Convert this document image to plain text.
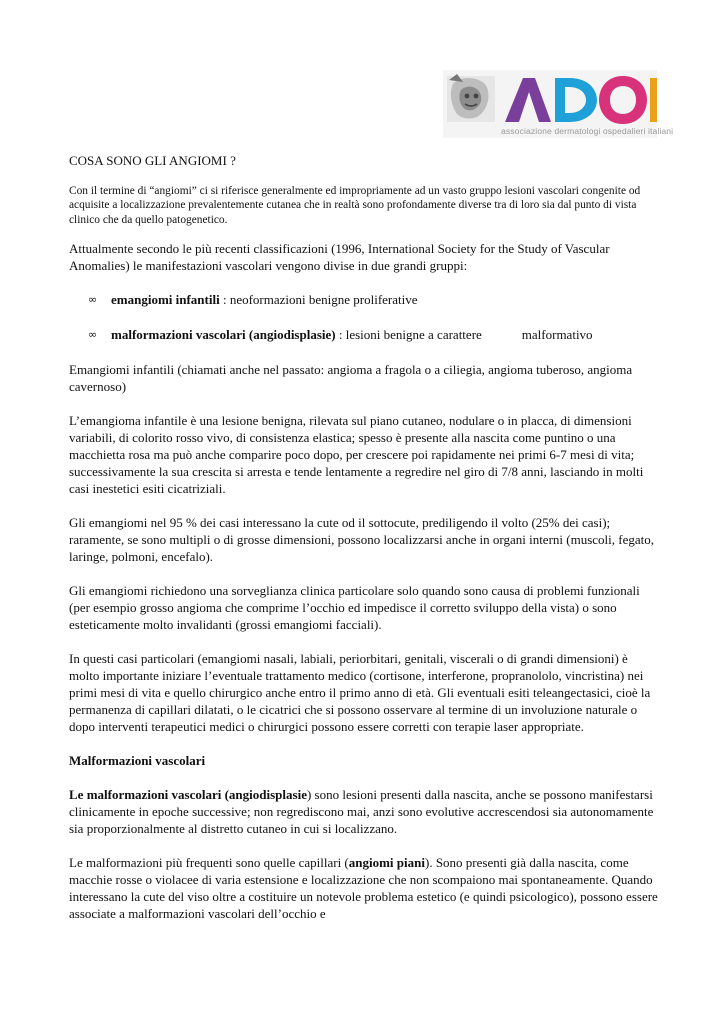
associazione dermatologi ospedalieri italiani

COSA SONO GLI ANGIOMI ?

Con il termine di “angiomi” ci si riferisce generalmente ed impropriamente ad un vasto gruppo lesioni vascolari congenite od acquisite a localizzazione prevalentemente cutanea che in realtà sono profondamente diverse tra di loro sia dal punto di vista clinico che da quello patogenetico.

Attualmente secondo le più recenti classificazioni (1996, International Society for the Study of Vascular Anomalies) le manifestazioni vascolari vengono divise in due grandi gruppi:

∞ emangiomi infantili : neoformazioni benigne proliferative
∞ malformazioni vascolari (angiodisplasie) : lesioni benigne a carattere	malformativo

Emangiomi infantili (chiamati anche nel passato: angioma a fragola o a ciliegia, angioma tuberoso, angioma cavernoso)

L’emangioma infantile è una lesione benigna, rilevata sul piano cutaneo, nodulare o in placca, di dimensioni variabili, di colorito rosso vivo, di consistenza elastica; spesso è presente alla nascita come puntino o una macchietta rosa ma può anche comparire poco dopo, per crescere poi rapidamente nei primi 6-7 mesi di vita; successivamente la sua crescita si arresta e tende lentamente a regredire nel giro di 7/8 anni, lasciando in molti casi inestetici esiti cicatriziali.

Gli emangiomi nel 95 % dei casi interessano la cute od il sottocute, prediligendo il volto (25% dei casi); raramente, se sono multipli o di grosse dimensioni, possono localizzarsi anche in organi interni (muscoli, fegato, laringe, polmoni, encefalo).

Gli emangiomi richiedono una sorveglianza clinica particolare solo quando sono causa di problemi funzionali (per esempio grosso angioma che comprime l’occhio ed impedisce il corretto sviluppo della vista) o sono esteticamente molto invalidanti (grossi emangiomi facciali).

In questi casi particolari (emangiomi nasali, labiali, periorbitari, genitali, viscerali o di grandi dimensioni) è molto importante iniziare l’eventuale trattamento medico (cortisone, interferone, propranololo, vincristina) nei primi mesi di vita e quello chirurgico anche entro il primo anno di età. Gli eventuali esiti teleangectasici, cioè la permanenza di capillari dilatati, o le cicatrici che si possono osservare al termine di un involuzione naturale o dopo interventi terapeutici medici o chirurgici possono essere corretti con terapie laser appropriate.

Malformazioni vascolari

Le malformazioni vascolari (angiodisplasie) sono lesioni presenti dalla nascita, anche se possono manifestarsi clinicamente in epoche successive; non regrediscono mai, anzi sono evolutive accrescendosi sia autonomamente sia proporzionalmente al distretto cutaneo in cui si localizzano.

Le malformazioni più frequenti sono quelle capillari (angiomi piani). Sono presenti già dalla nascita, come macchie rosse o violacee di varia estensione e localizzazione che non scompaiono mai spontaneamente. Quando interessano la cute del viso oltre a costituire un notevole problema estetico (e quindi psicologico), possono essere associate a malformazioni vascolari dell’occhio e
